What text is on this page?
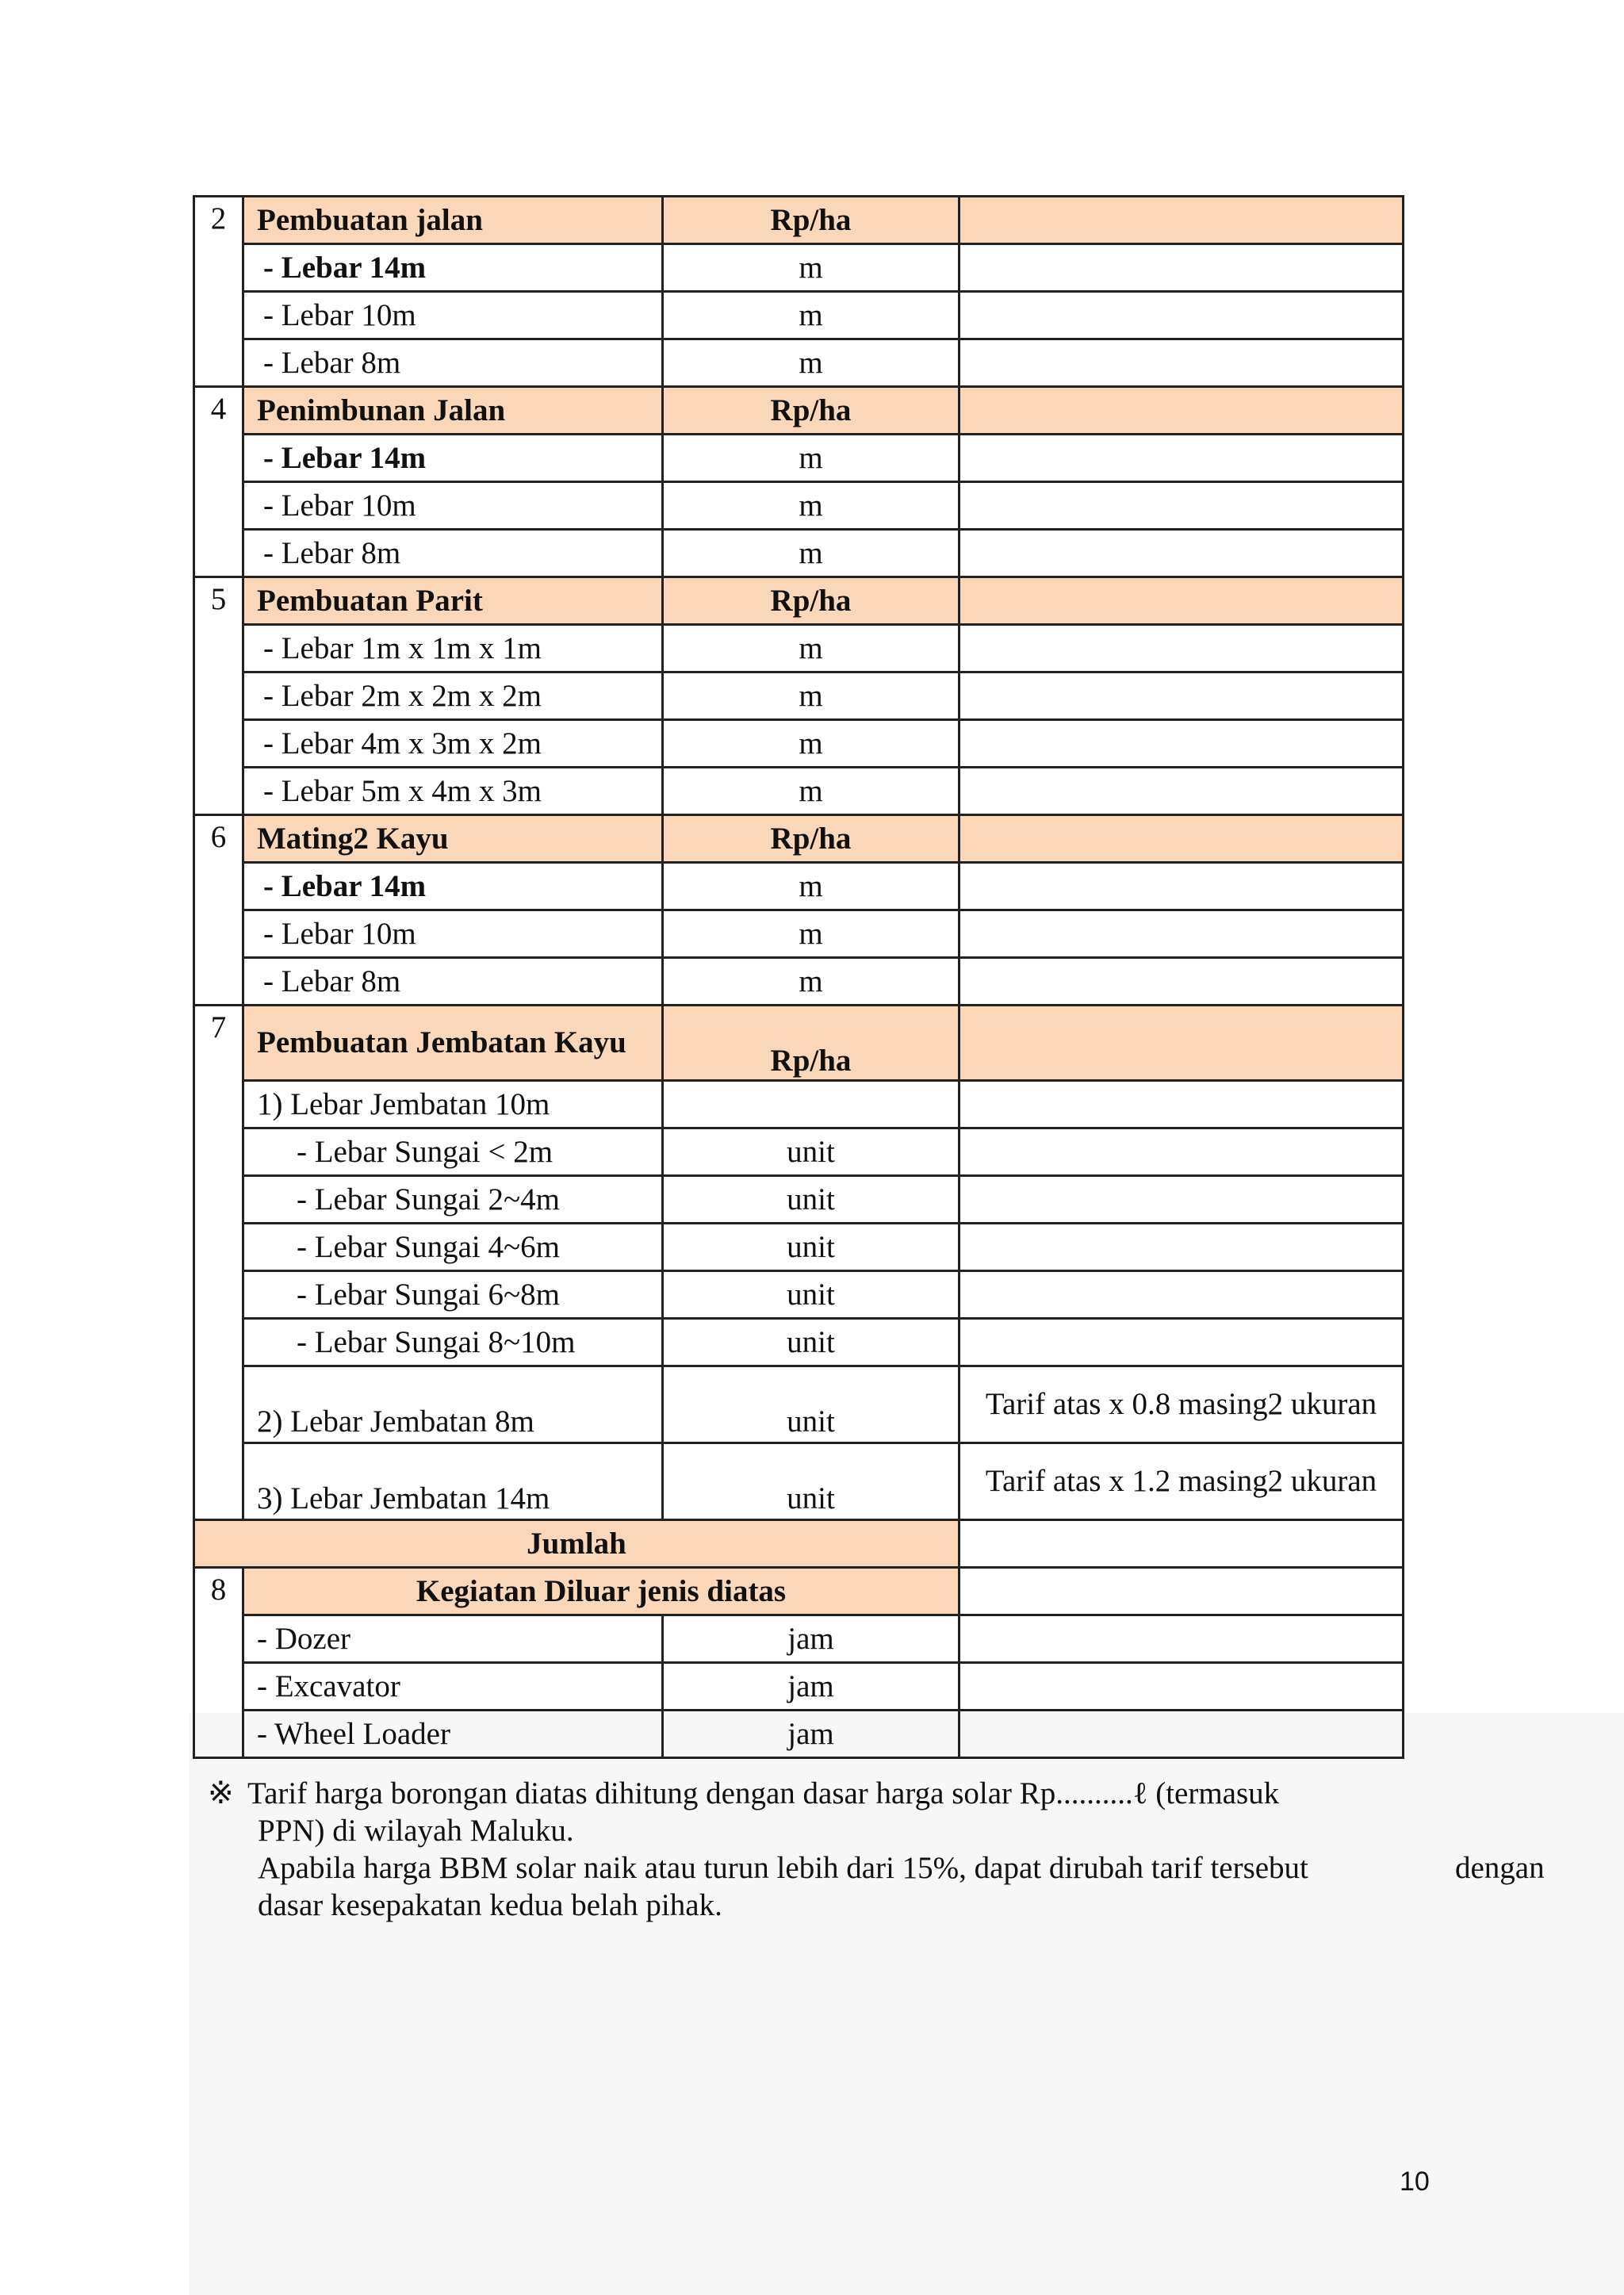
2	Pembuatan jalan	Rp/ha	
	- Lebar 14m	m	
	- Lebar 10m	m	
	- Lebar 8m	m	
4	Penimbunan Jalan	Rp/ha	
	- Lebar 14m	m	
	- Lebar 10m	m	
	- Lebar 8m	m	
5	Pembuatan Parit	Rp/ha	
	- Lebar 1m x 1m x 1m	m	
	- Lebar 2m x 2m x 2m	m	
	- Lebar 4m x 3m x 2m	m	
	- Lebar 5m x 4m x 3m	m	
6	Mating2 Kayu	Rp/ha	
	- Lebar 14m	m	
	- Lebar 10m	m	
	- Lebar 8m	m	
7	Pembuatan Jembatan Kayu	Rp/ha	
	1) Lebar Jembatan 10m		
	- Lebar Sungai < 2m	unit	
	- Lebar Sungai 2~4m	unit	
	- Lebar Sungai 4~6m	unit	
	- Lebar Sungai 6~8m	unit	
	- Lebar Sungai 8~10m	unit	
	2) Lebar Jembatan 8m	unit	Tarif atas x 0.8 masing2 ukuran
	3) Lebar Jembatan 14m	unit	Tarif atas x 1.2 masing2 ukuran
Jumlah			
8	Kegiatan Diluar jenis diatas		
	- Dozer	jam	
	- Excavator	jam	
	- Wheel Loader	jam	
※ Tarif harga borongan diatas dihitung dengan dasar harga solar Rp..........ℓ (termasuk
PPN) di wilayah Maluku.
Apabila harga BBM solar naik atau turun lebih dari 15%, dapat dirubah tarif tersebut	dengan
dasar kesepakatan kedua belah pihak.
10
